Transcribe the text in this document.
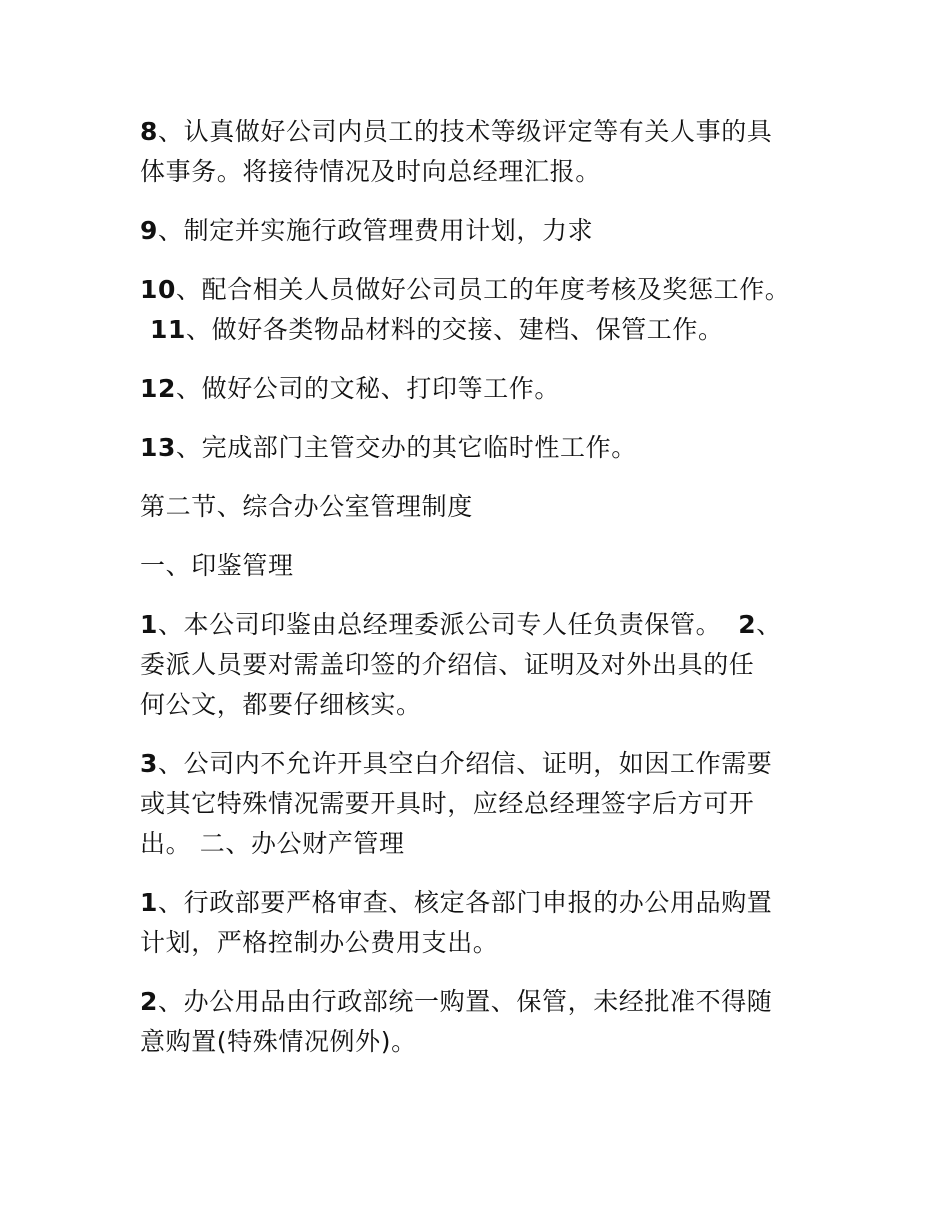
8、认真做好公司内员工的技术等级评定等有关人事的具
体事务。将接待情况及时向总经理汇报。
9、制定并实施行政管理费用计划，力求
10、配合相关人员做好公司员工的年度考核及奖惩工作。
11、做好各类物品材料的交接、建档、保管工作。
12、做好公司的文秘、打印等工作。
13、完成部门主管交办的其它临时性工作。
第二节、综合办公室管理制度
一、印鉴管理
1、本公司印鉴由总经理委派公司专人任负责保管。 2、
委派人员要对需盖印签的介绍信、证明及对外出具的任
何公文，都要仔细核实。
3、公司内不允许开具空白介绍信、证明，如因工作需要
或其它特殊情况需要开具时，应经总经理签字后方可开
出。 二、办公财产管理
1、行政部要严格审查、核定各部门申报的办公用品购置
计划，严格控制办公费用支出。
2、办公用品由行政部统一购置、保管，未经批准不得随
意购置(特殊情况例外)。
